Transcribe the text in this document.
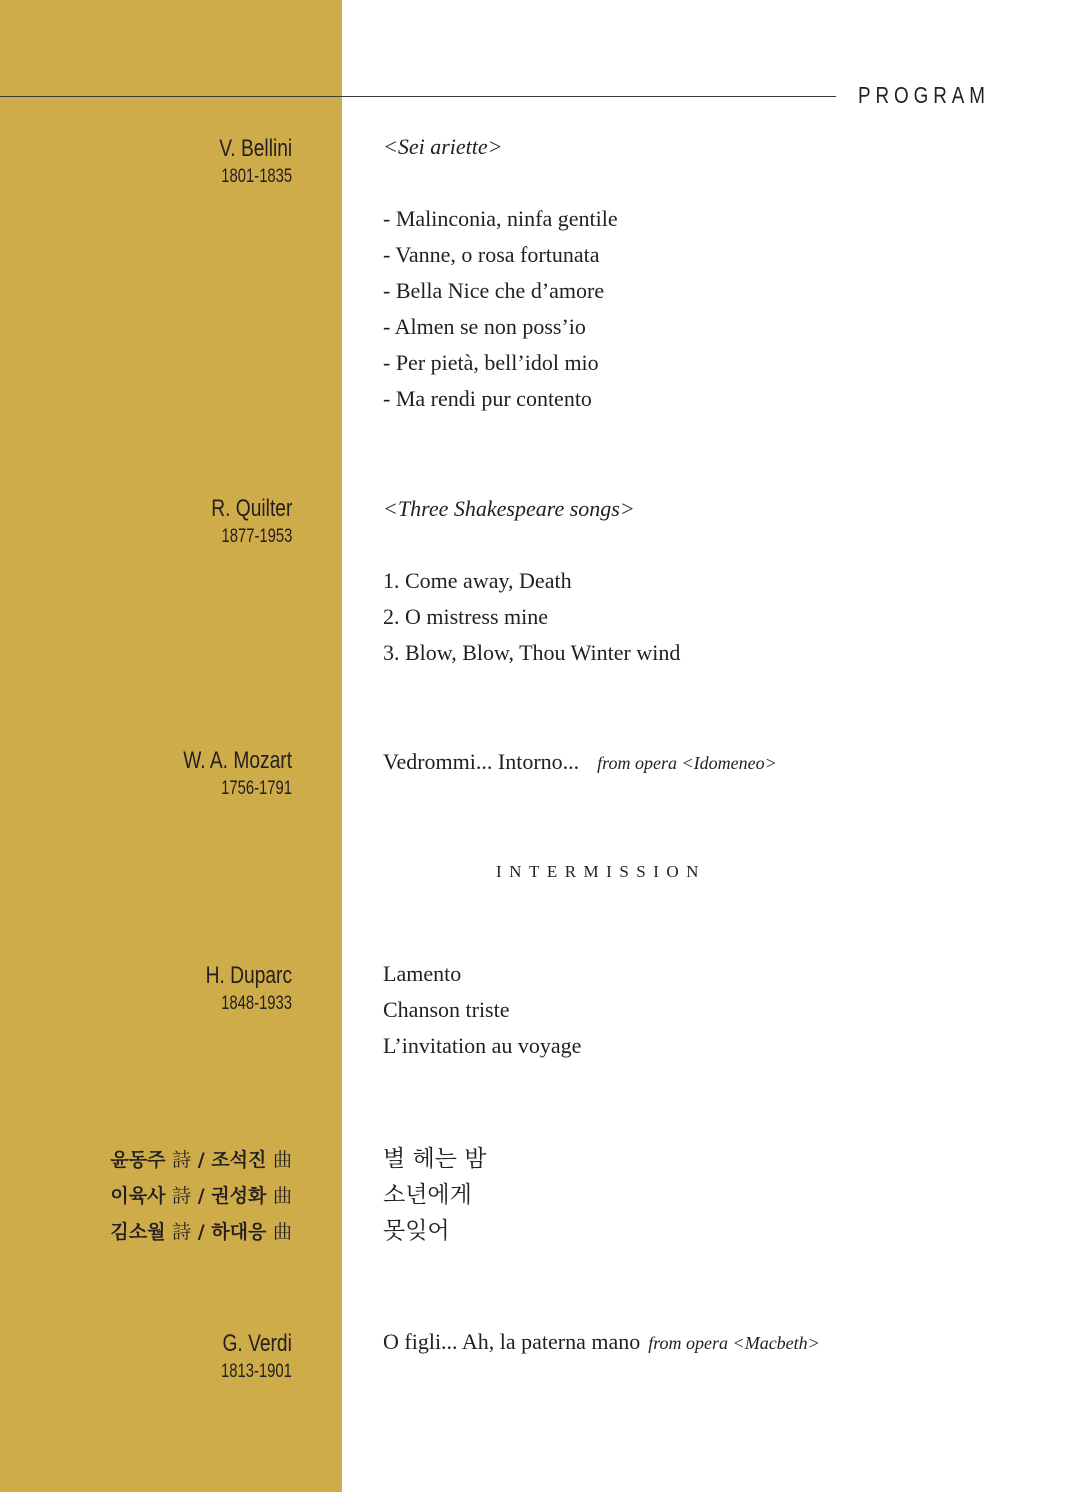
PROGRAM
V. Bellini
1801-1835
<Sei ariette>
- Malinconia, ninfa gentile
- Vanne, o rosa fortunata
- Bella Nice che d’amore
- Almen se non poss’io
- Per pietà, bell’idol mio
- Ma rendi pur contento
R. Quilter
1877-1953
<Three Shakespeare songs>
1. Come away, Death
2. O mistress mine
3. Blow, Blow, Thou Winter wind
W. A. Mozart
1756-1791
Vedrommi... Intorno... from opera <Idomeneo>
INTERMISSION
H. Duparc
1848-1933
Lamento
Chanson triste
L’invitation au voyage
윤동주 詩 / 조석진 曲
이육사 詩 / 권성화 曲
김소월 詩 / 하대응 曲
별 헤는 밤
소년에게
못잊어
G. Verdi
1813-1901
O figli... Ah, la paterna mano from opera <Macbeth>
